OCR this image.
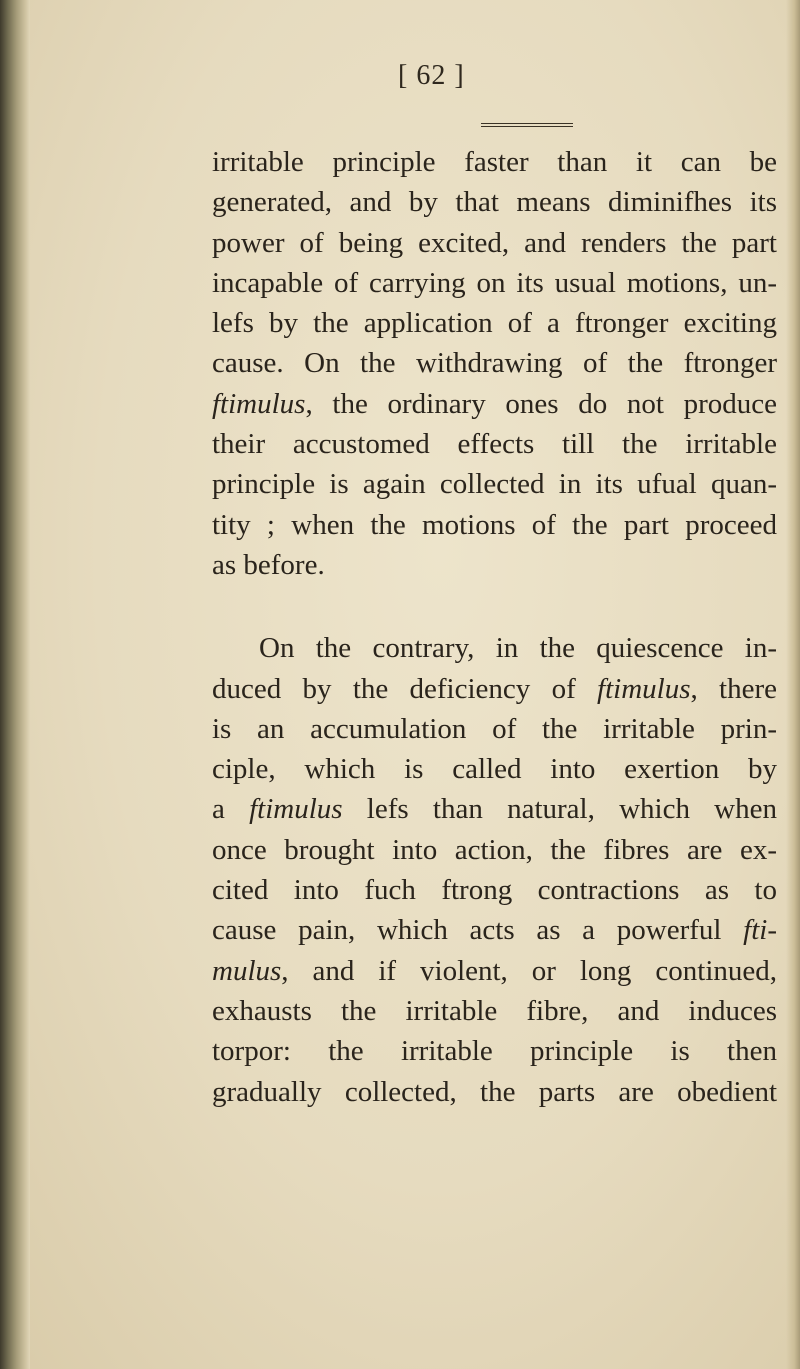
[ 62 ]

irritable principle faster than it can be
generated, and by that means diminifhes its
power of being excited, and renders the part
incapable of carrying on its usual motions, un-
lefs by the application of a ftronger exciting
cause. On the withdrawing of the ftronger
ftimulus, the ordinary ones do not produce
their accustomed effects till the irritable
principle is again collected in its ufual quan-
tity ; when the motions of the part proceed
as before.

On the contrary, in the quiescence in-
duced by the deficiency of ftimulus, there
is an accumulation of the irritable prin-
ciple, which is called into exertion by
a ftimulus lefs than natural, which when
once brought into action, the fibres are ex-
cited into fuch ftrong contractions as to
cause pain, which acts as a powerful fti-
mulus, and if violent, or long continued,
exhausts the irritable fibre, and induces
torpor: the irritable principle is then
gradually collected, the parts are obedient
